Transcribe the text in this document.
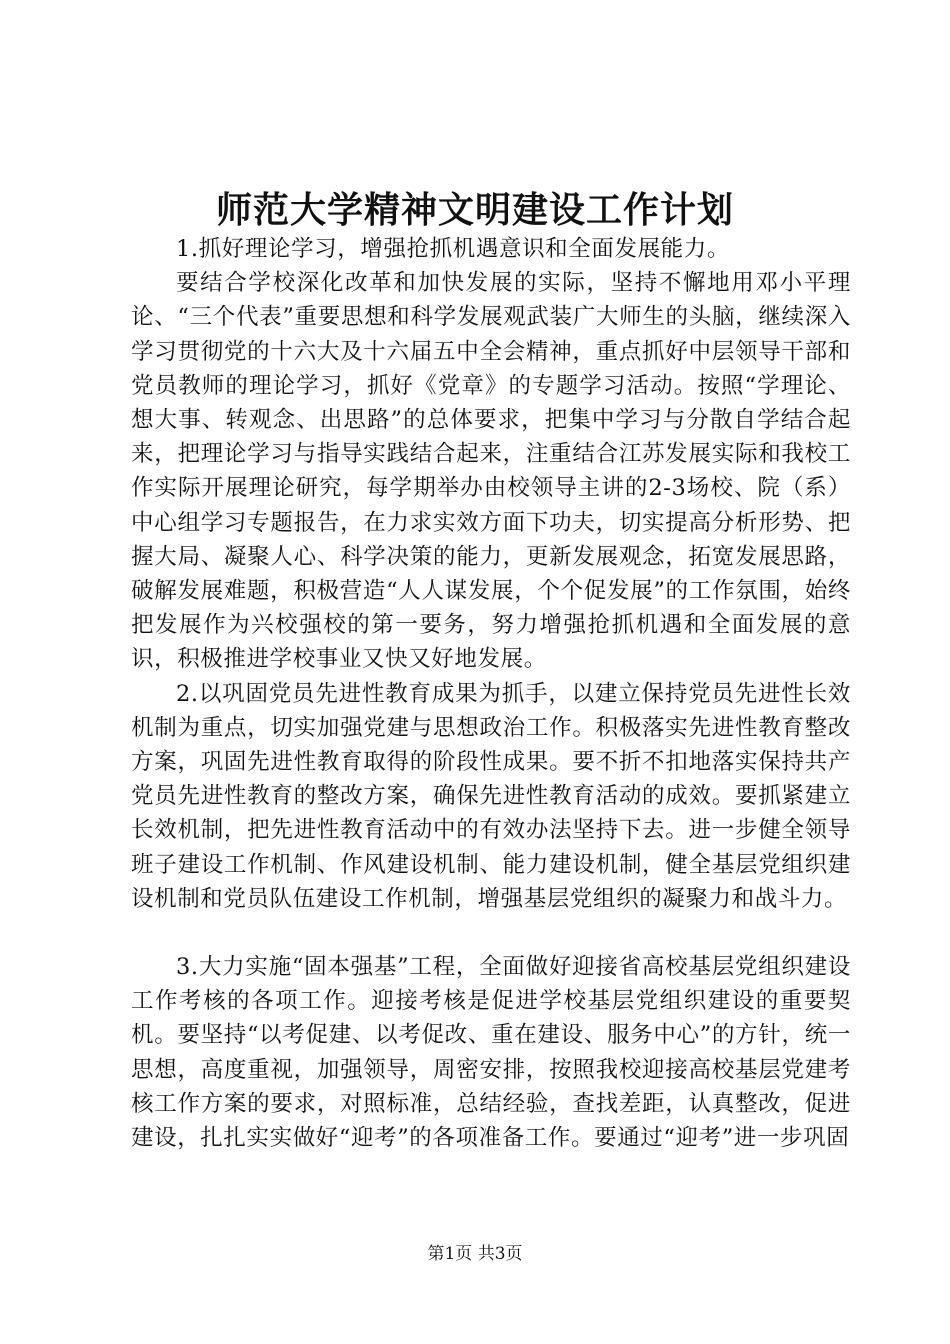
师范大学精神文明建设工作计划

1.抓好理论学习，增强抢抓机遇意识和全面发展能力。

要结合学校深化改革和加快发展的实际，坚持不懈地用邓小平理论、“三个代表”重要思想和科学发展观武装广大师生的头脑，继续深入学习贯彻党的十六大及十六届五中全会精神，重点抓好中层领导干部和党员教师的理论学习，抓好《党章》的专题学习活动。按照“学理论、想大事、转观念、出思路”的总体要求，把集中学习与分散自学结合起来，把理论学习与指导实践结合起来，注重结合江苏发展实际和我校工作实际开展理论研究，每学期举办由校领导主讲的2-3场校、院（系）中心组学习专题报告，在力求实效方面下功夫，切实提高分析形势、把握大局、凝聚人心、科学决策的能力，更新发展观念，拓宽发展思路，破解发展难题，积极营造“人人谋发展，个个促发展”的工作氛围，始终把发展作为兴校强校的第一要务，努力增强抢抓机遇和全面发展的意识，积极推进学校事业又快又好地发展。

2.以巩固党员先进性教育成果为抓手，以建立保持党员先进性长效机制为重点，切实加强党建与思想政治工作。积极落实先进性教育整改方案，巩固先进性教育取得的阶段性成果。要不折不扣地落实保持共产党员先进性教育的整改方案，确保先进性教育活动的成效。要抓紧建立长效机制，把先进性教育活动中的有效办法坚持下去。进一步健全领导班子建设工作机制、作风建设机制、能力建设机制，健全基层党组织建设机制和党员队伍建设工作机制，增强基层党组织的凝聚力和战斗力。

3.大力实施“固本强基”工程，全面做好迎接省高校基层党组织建设工作考核的各项工作。迎接考核是促进学校基层党组织建设的重要契机。要坚持“以考促建、以考促改、重在建设、服务中心”的方针，统一思想，高度重视，加强领导，周密安排，按照我校迎接高校基层党建考核工作方案的要求，对照标准，总结经验，查找差距，认真整改，促进建设，扎扎实实做好“迎考”的各项准备工作。要通过“迎考”进一步巩固

第1页 共3页
